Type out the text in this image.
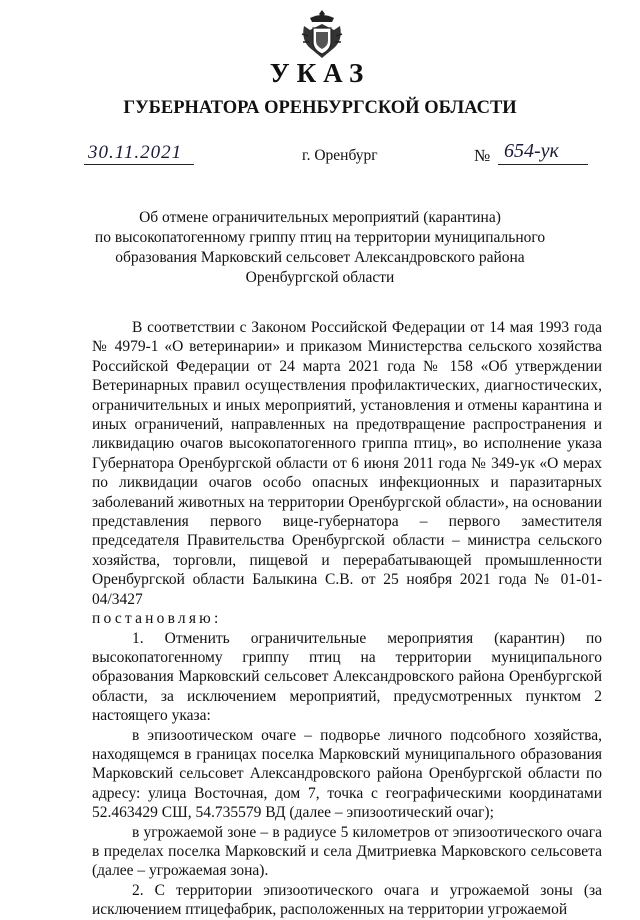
УКАЗ
ГУБЕРНАТОРА ОРЕНБУРГСКОЙ ОБЛАСТИ
30.11.2021	г. Оренбург	№ 654-ук
Об отмене ограничительных мероприятий (карантина)
по высокопатогенному гриппу птиц на территории муниципального
образования Марковский сельсовет Александровского района
Оренбургской области

В соответствии с Законом Российской Федерации от 14 мая 1993 года № 4979-1 «О ветеринарии» и приказом Министерства сельского хозяйства Российской Федерации от 24 марта 2021 года № 158 «Об утверждении Ветеринарных правил осуществления профилактических, диагностических, ограничительных и иных мероприятий, установления и отмены карантина и иных ограничений, направленных на предотвращение распространения и ликвидацию очагов высокопатогенного гриппа птиц», во исполнение указа Губернатора Оренбургской области от 6 июня 2011 года № 349-ук «О мерах по ликвидации очагов особо опасных инфекционных и паразитарных заболеваний животных на территории Оренбургской области», на основании представления первого вице-губернатора – первого заместителя председателя Правительства Оренбургской области – министра сельского хозяйства, торговли, пищевой и перерабатывающей промышленности Оренбургской области Балыкина С.В. от 25 ноября 2021 года № 01-01-04/3427

постановляю:

1. Отменить ограничительные мероприятия (карантин) по высокопатогенному гриппу птиц на территории муниципального образования Марковский сельсовет Александровского района Оренбургской области, за исключением мероприятий, предусмотренных пунктом 2 настоящего указа:

в эпизоотическом очаге – подворье личного подсобного хозяйства, находящемся в границах поселка Марковский муниципального образования Марковский сельсовет Александровского района Оренбургской области по адресу: улица Восточная, дом 7, точка с географическими координатами 52.463429 СШ, 54.735579 ВД (далее – эпизоотический очаг);

в угрожаемой зоне – в радиусе 5 километров от эпизоотического очага в пределах поселка Марковский и села Дмитриевка Марковского сельсовета (далее – угрожаемая зона).

2. С территории эпизоотического очага и угрожаемой зоны (за исключением птицефабрик, расположенных на территории угрожаемой
